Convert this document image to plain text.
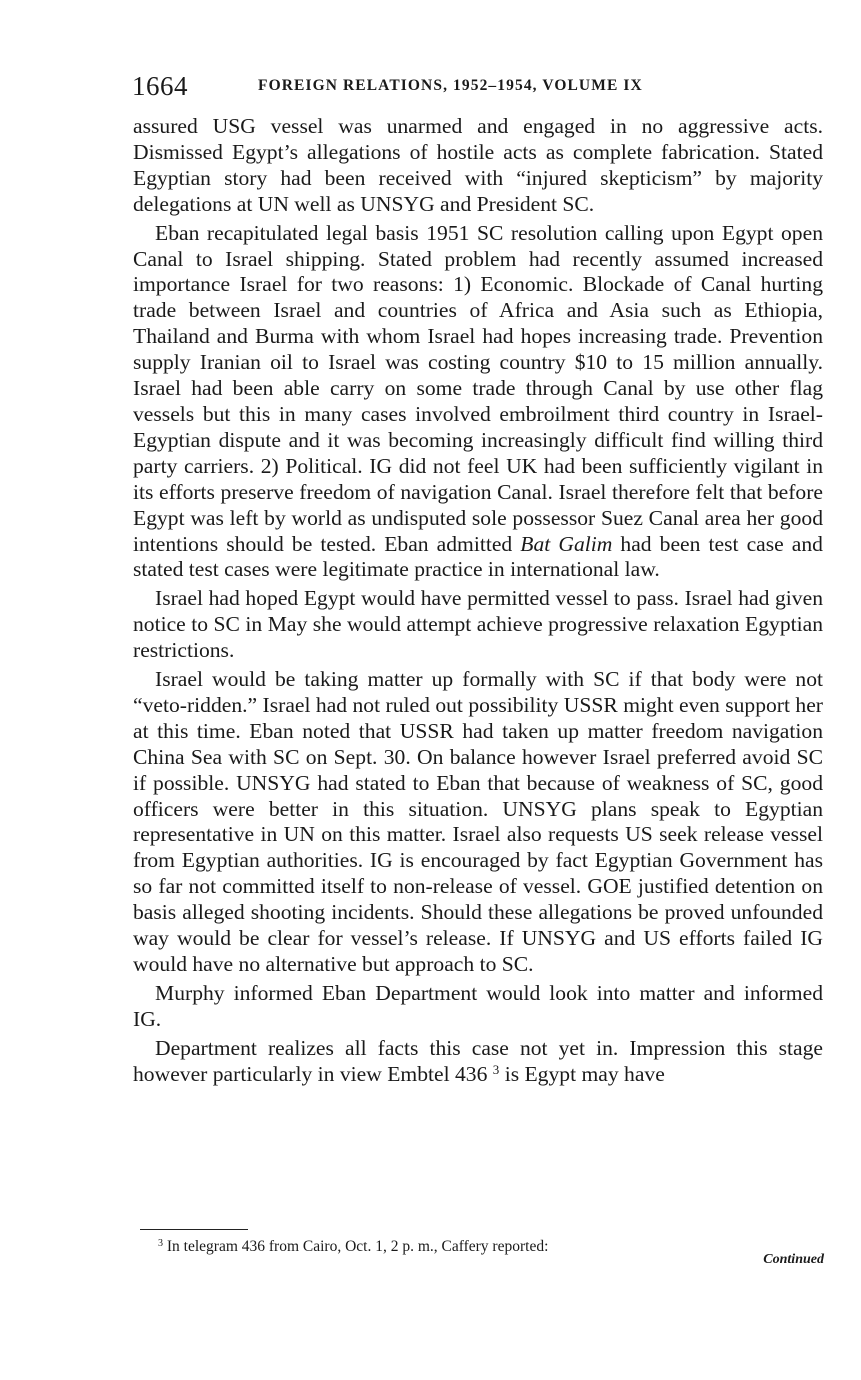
1664	FOREIGN RELATIONS, 1952–1954, VOLUME IX

assured USG vessel was unarmed and engaged in no aggressive acts. Dismissed Egypt’s allegations of hostile acts as complete fabrication. Stated Egyptian story had been received with “injured skepticism” by majority delegations at UN well as UNSYG and President SC.

Eban recapitulated legal basis 1951 SC resolution calling upon Egypt open Canal to Israel shipping. Stated problem had recently assumed increased importance Israel for two reasons: 1) Economic. Blockade of Canal hurting trade between Israel and countries of Africa and Asia such as Ethiopia, Thailand and Burma with whom Israel had hopes increasing trade. Prevention supply Iranian oil to Israel was costing country $10 to 15 million annually. Israel had been able carry on some trade through Canal by use other flag vessels but this in many cases involved embroilment third country in Israel-Egyptian dispute and it was becoming increasingly difficult find willing third party carriers. 2) Political. IG did not feel UK had been sufficiently vigilant in its efforts preserve freedom of navigation Canal. Israel therefore felt that before Egypt was left by world as undisputed sole possessor Suez Canal area her good intentions should be tested. Eban admitted Bat Galim had been test case and stated test cases were legitimate practice in international law.

Israel had hoped Egypt would have permitted vessel to pass. Israel had given notice to SC in May she would attempt achieve progressive relaxation Egyptian restrictions.

Israel would be taking matter up formally with SC if that body were not “veto-ridden.” Israel had not ruled out possibility USSR might even support her at this time. Eban noted that USSR had taken up matter freedom navigation China Sea with SC on Sept. 30. On balance however Israel preferred avoid SC if possible. UNSYG had stated to Eban that because of weakness of SC, good officers were better in this situation. UNSYG plans speak to Egyptian representative in UN on this matter. Israel also requests US seek release vessel from Egyptian authorities. IG is encouraged by fact Egyptian Government has so far not committed itself to non-release of vessel. GOE justified detention on basis alleged shooting incidents. Should these allegations be proved unfounded way would be clear for vessel’s release. If UNSYG and US efforts failed IG would have no alternative but approach to SC.

Murphy informed Eban Department would look into matter and informed IG.

Department realizes all facts this case not yet in. Impression this stage however particularly in view Embtel 436 $^3$ is Egypt may have

$^3$ In telegram 436 from Cairo, Oct. 1, 2 p. m., Caffery reported:
Continued
